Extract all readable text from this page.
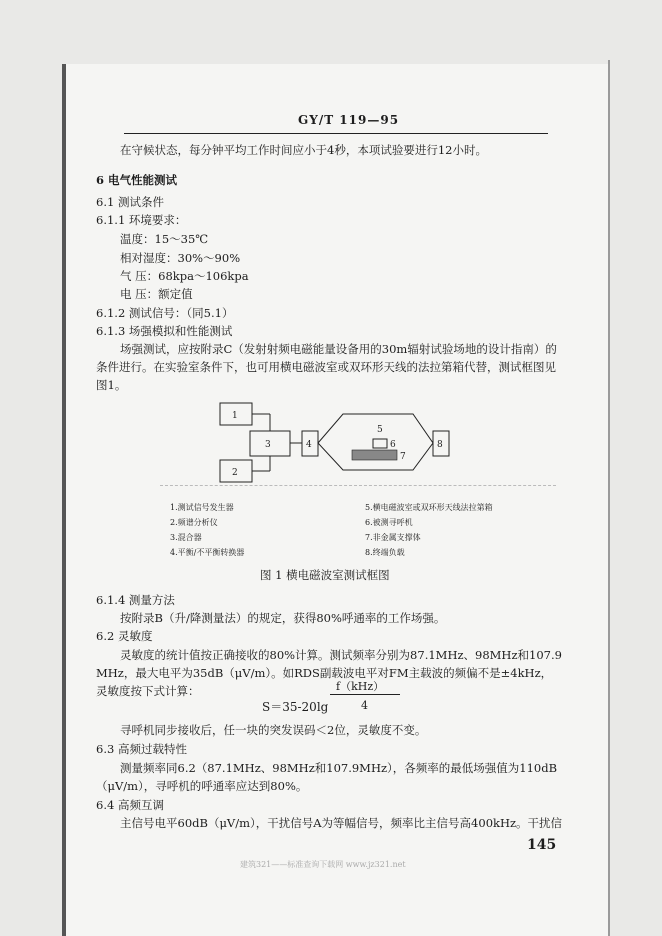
GY/T 119—95
在守候状态，每分钟平均工作时间应小于4秒，本项试验要进行12小时。
6 电气性能测试
6.1 测试条件
6.1.1 环境要求：
温度：15～35℃
相对湿度：30%～90%
气 压：68kpa～106kpa
电 压：额定值
6.1.2 测试信号：（同5.1）
6.1.3 场强模拟和性能测试
场强测试，应按附录C（发射射频电磁能量设备用的30m辐射试验场地的设计指南）的
条件进行。在实验室条件下，也可用横电磁波室或双环形天线的法拉第箱代替，测试框图见
图1。
1
2
3	4
5
6
7
8
1.测试信号发生器
2.频谱分析仪
3.混合器
4.平衡/不平衡转换器
5.横电磁波室或双环形天线法拉第箱
6.被测寻呼机
7.非金属支撑体
8.终端负载
图 1 横电磁波室测试框图
6.1.4 测量方法
按附录B（升/降测量法）的规定，获得80%呼通率的工作场强。
6.2 灵敏度
灵敏度的统计值按正确接收的80%计算。测试频率分别为87.1MHz、98MHz和107.9
MHz，最大电平为35dB（μV/m）。如RDS副载波电平对FM主载波的频偏不是±4kHz，
灵敏度按下式计算：
S＝35-20lg
f（kHz）
4
寻呼机同步接收后，任一块的突发误码＜2位，灵敏度不变。
6.3 高频过载特性
测量频率同6.2（87.1MHz、98MHz和107.9MHz），各频率的最低场强值为110dB
（μV/m），寻呼机的呼通率应达到80%。
6.4 高频互调
主信号电平60dB（μV/m），干扰信号A为等幅信号，频率比主信号高400kHz。干扰信
145
建筑321——标准查询下载网 www.jz321.net
